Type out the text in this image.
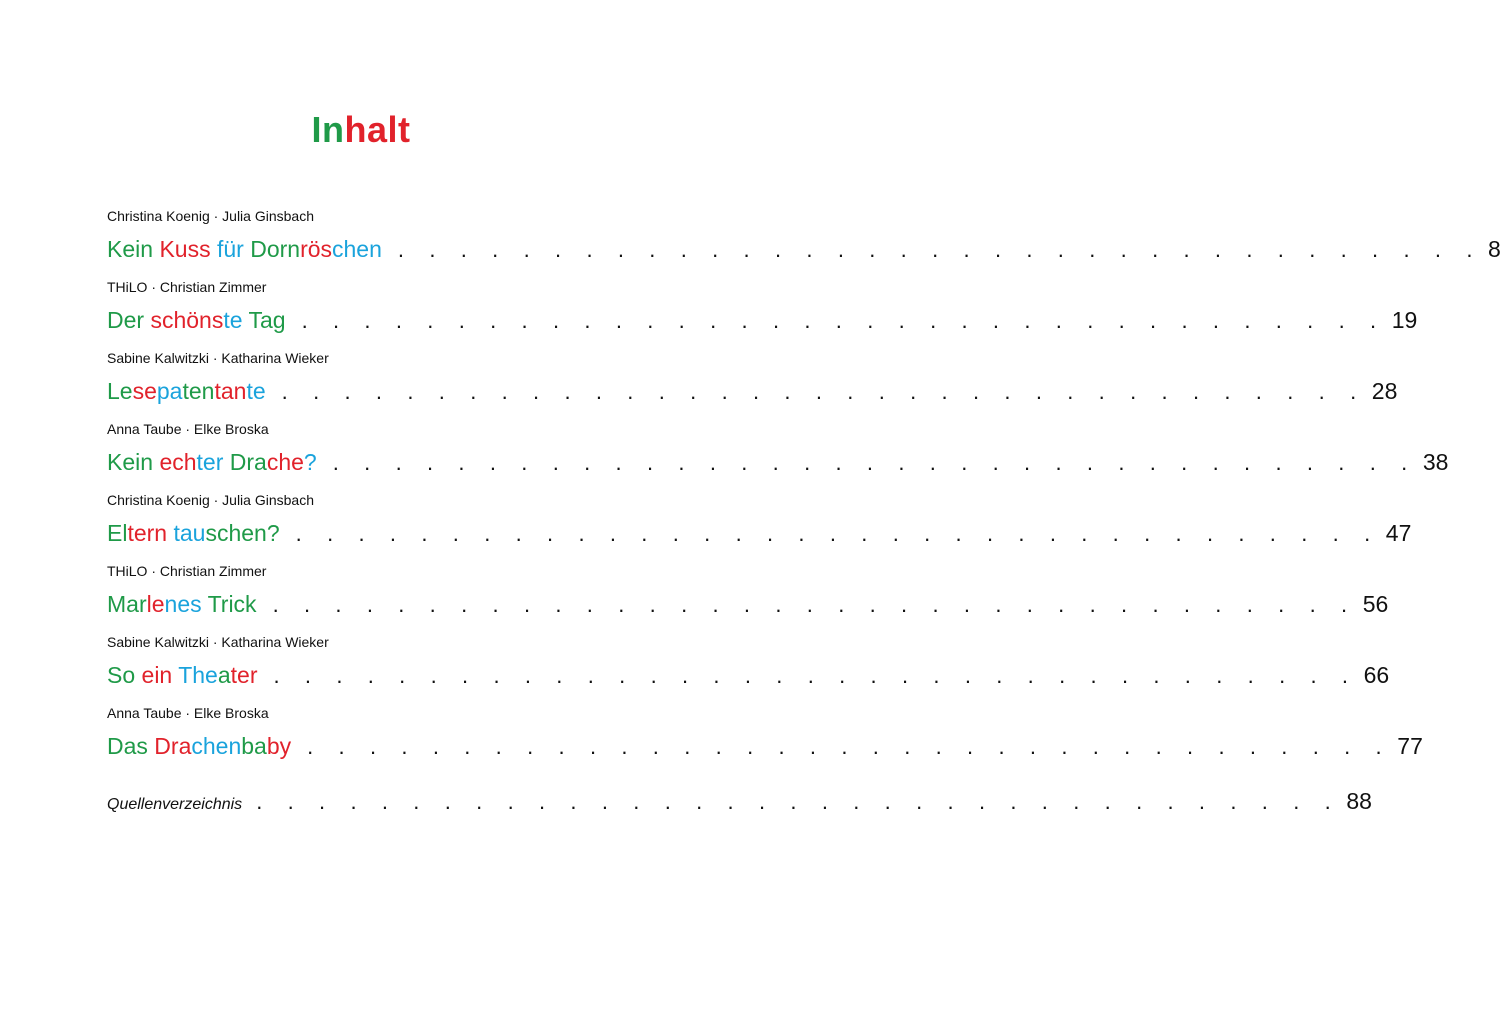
Inhalt
Christina Koenig · Julia Ginsbach
Kein Kuss für Dornröschen . . . . . . . . . . . . . . . . . . . . . . . . . . . . . . . . . . . 8
THiLO · Christian Zimmer
Der schönste Tag . . . . . . . . . . . . . . . . . . . . . . . . . . . . . . . . . . . 19
Sabine Kalwitzki · Katharina Wieker
Lesepatentante . . . . . . . . . . . . . . . . . . . . . . . . . . . . . . . . . . . 28
Anna Taube · Elke Broska
Kein echter Drache? . . . . . . . . . . . . . . . . . . . . . . . . . . . . . . . . . . . 38
Christina Koenig · Julia Ginsbach
Eltern tauschen? . . . . . . . . . . . . . . . . . . . . . . . . . . . . . . . . . . . 47
THiLO · Christian Zimmer
Marlenes Trick . . . . . . . . . . . . . . . . . . . . . . . . . . . . . . . . . . . 56
Sabine Kalwitzki · Katharina Wieker
So ein Theater . . . . . . . . . . . . . . . . . . . . . . . . . . . . . . . . . . . 66
Anna Taube · Elke Broska
Das Drachenbaby . . . . . . . . . . . . . . . . . . . . . . . . . . . . . . . . . . . 77
Quellenverzeichnis . . . . . . . . . . . . . . . . . . . . . . . . . . . . . . . . . . . 88
